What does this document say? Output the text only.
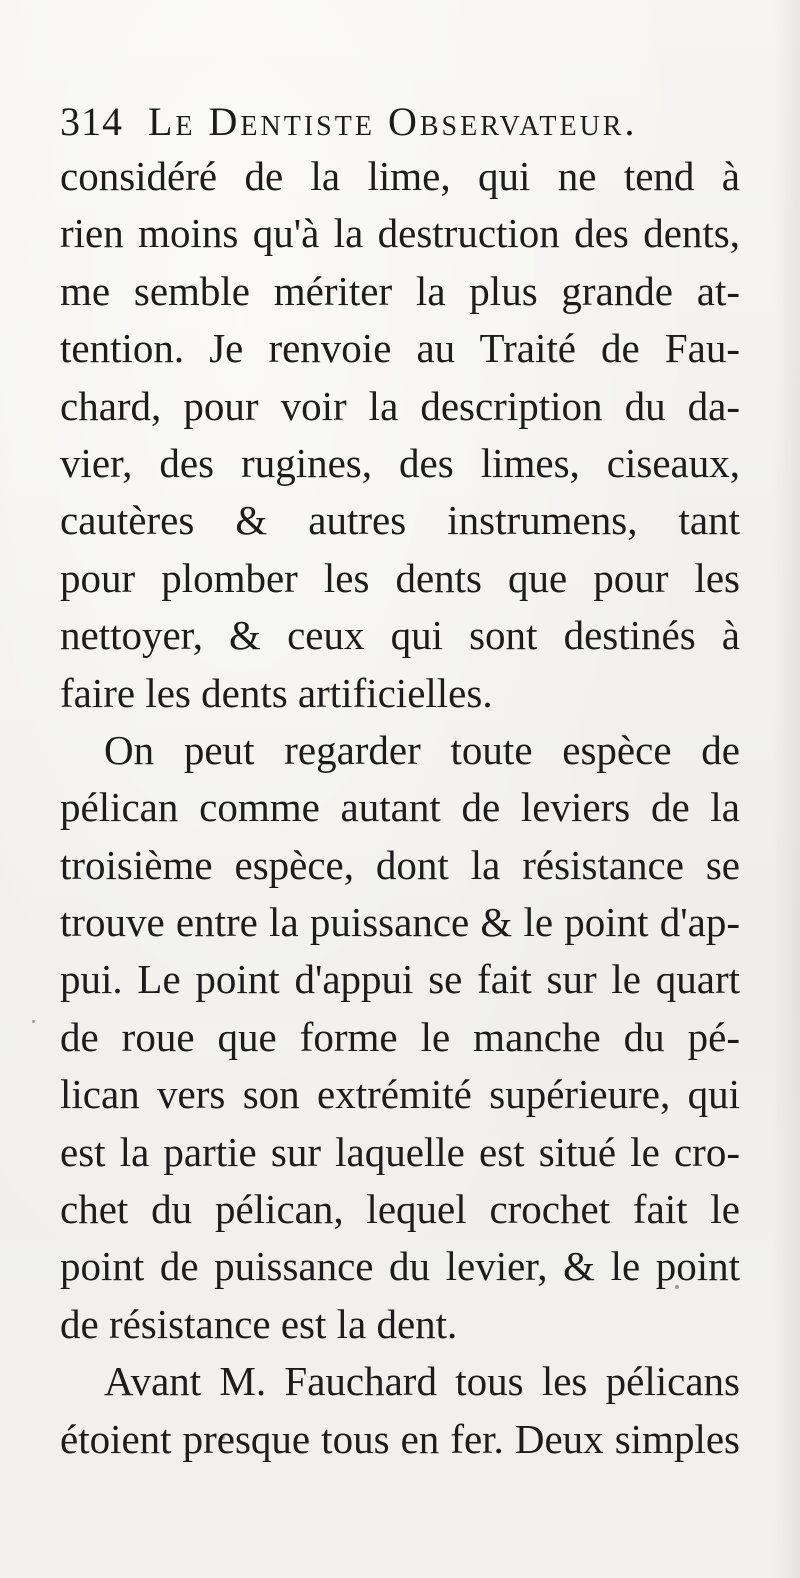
314 Le Dentiste Observateur.
considéré de la lime, qui ne tend à
rien moins qu'à la destruction des dents,
me semble mériter la plus grande at-
tention. Je renvoie au Traité de Fau-
chard, pour voir la description du da-
vier, des rugines, des limes, ciseaux,
cautères & autres instrumens, tant
pour plomber les dents que pour les
nettoyer, & ceux qui sont destinés à
faire les dents artificielles.
On peut regarder toute espèce de
pélican comme autant de leviers de la
troisième espèce, dont la résistance se
trouve entre la puissance & le point d'ap-
pui. Le point d'appui se fait sur le quart
de roue que forme le manche du pé-
lican vers son extrémité supérieure, qui
est la partie sur laquelle est situé le cro-
chet du pélican, lequel crochet fait le
point de puissance du levier, & le point
de résistance est la dent.
Avant M. Fauchard tous les pélicans
étoient presque tous en fer. Deux simples
